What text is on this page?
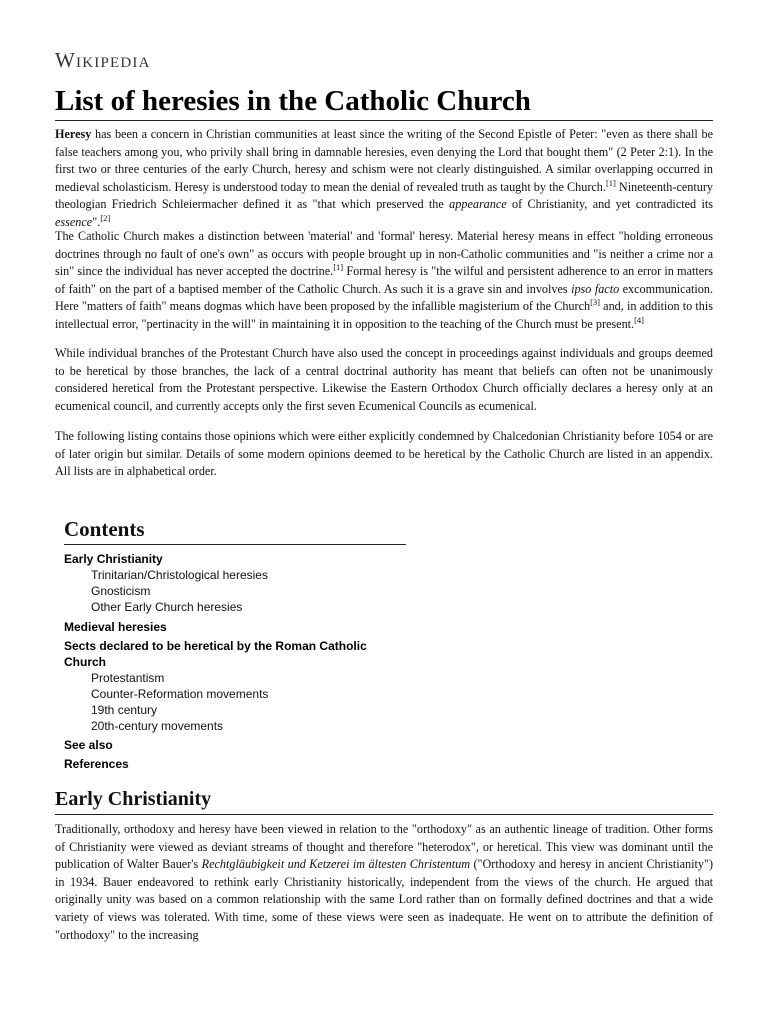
Wikipedia
List of heresies in the Catholic Church

Heresy has been a concern in Christian communities at least since the writing of the Second Epistle of Peter: "even as there shall be false teachers among you, who privily shall bring in damnable heresies, even denying the Lord that bought them" (2 Peter 2:1). In the first two or three centuries of the early Church, heresy and schism were not clearly distinguished. A similar overlapping occurred in medieval scholasticism. Heresy is understood today to mean the denial of revealed truth as taught by the Church.[1] Nineteenth-century theologian Friedrich Schleiermacher defined it as "that which preserved the appearance of Christianity, and yet contradicted its essence".[2]

The Catholic Church makes a distinction between 'material' and 'formal' heresy. Material heresy means in effect "holding erroneous doctrines through no fault of one's own" as occurs with people brought up in non-Catholic communities and "is neither a crime nor a sin" since the individual has never accepted the doctrine.[1] Formal heresy is "the wilful and persistent adherence to an error in matters of faith" on the part of a baptised member of the Catholic Church. As such it is a grave sin and involves ipso facto excommunication. Here "matters of faith" means dogmas which have been proposed by the infallible magisterium of the Church[3] and, in addition to this intellectual error, "pertinacity in the will" in maintaining it in opposition to the teaching of the Church must be present.[4]

While individual branches of the Protestant Church have also used the concept in proceedings against individuals and groups deemed to be heretical by those branches, the lack of a central doctrinal authority has meant that beliefs can often not be unanimously considered heretical from the Protestant perspective. Likewise the Eastern Orthodox Church officially declares a heresy only at an ecumenical council, and currently accepts only the first seven Ecumenical Councils as ecumenical.

The following listing contains those opinions which were either explicitly condemned by Chalcedonian Christianity before 1054 or are of later origin but similar. Details of some modern opinions deemed to be heretical by the Catholic Church are listed in an appendix. All lists are in alphabetical order.

Contents
Early Christianity
Trinitarian/Christological heresies
Gnosticism
Other Early Church heresies
Medieval heresies
Sects declared to be heretical by the Roman Catholic Church
Protestantism
Counter-Reformation movements
19th century
20th-century movements
See also
References
Early Christianity

Traditionally, orthodoxy and heresy have been viewed in relation to the "orthodoxy" as an authentic lineage of tradition. Other forms of Christianity were viewed as deviant streams of thought and therefore "heterodox", or heretical. This view was dominant until the publication of Walter Bauer's Rechtgläubigkeit und Ketzerei im ältesten Christentum ("Orthodoxy and heresy in ancient Christianity") in 1934. Bauer endeavored to rethink early Christianity historically, independent from the views of the church. He argued that originally unity was based on a common relationship with the same Lord rather than on formally defined doctrines and that a wide variety of views was tolerated. With time, some of these views were seen as inadequate. He went on to attribute the definition of "orthodoxy" to the increasing
